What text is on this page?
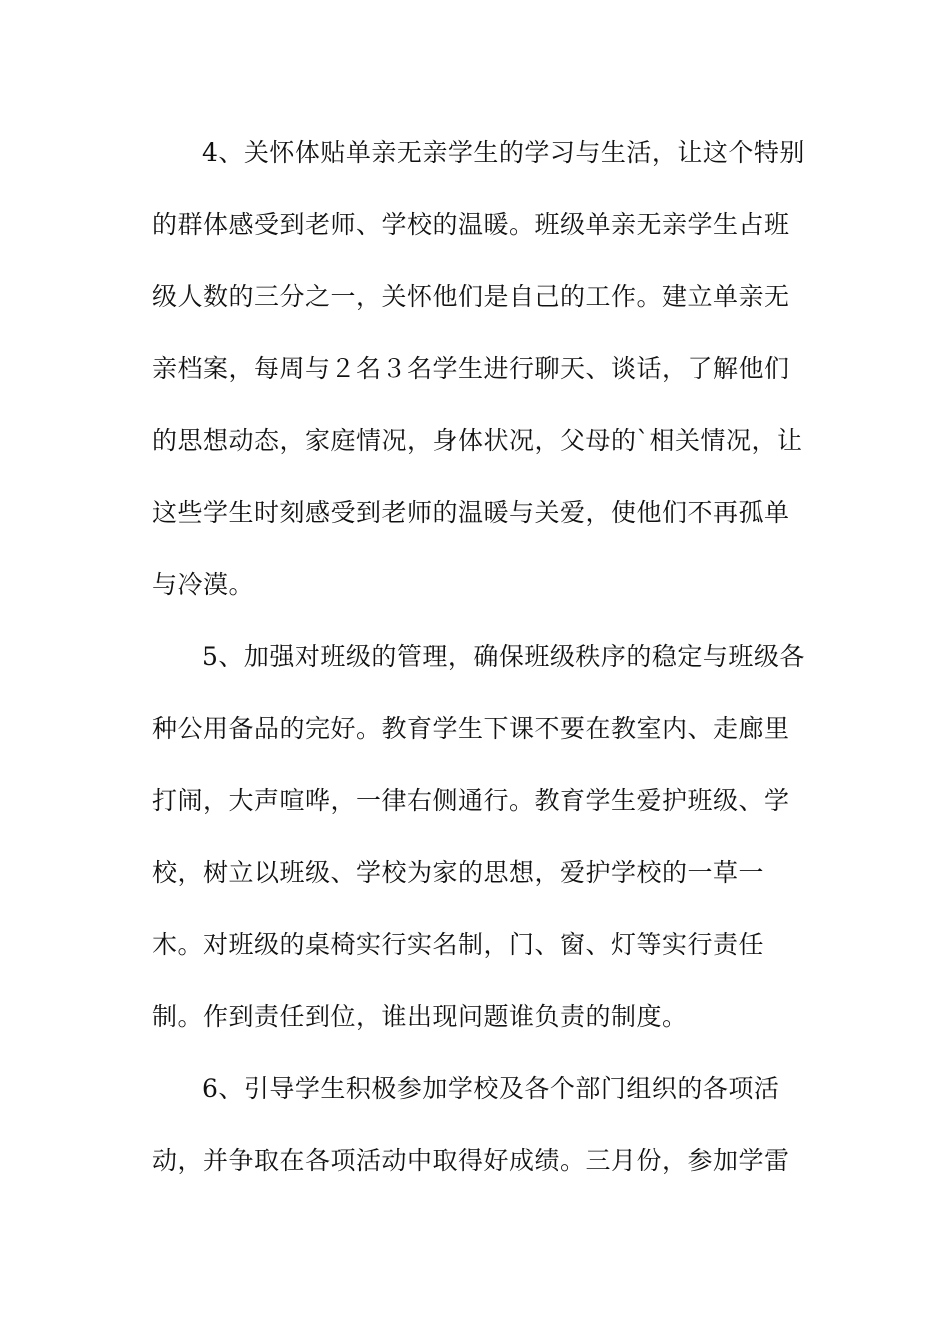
4、关怀体贴单亲无亲学生的学习与生活，让这个特别
的群体感受到老师、学校的温暖。班级单亲无亲学生占班
级人数的三分之一，关怀他们是自己的工作。建立单亲无
亲档案，每周与２名３名学生进行聊天、谈话，了解他们
的思想动态，家庭情况，身体状况，父母的`相关情况，让
这些学生时刻感受到老师的温暖与关爱，使他们不再孤单
与冷漠。
5、加强对班级的管理，确保班级秩序的稳定与班级各
种公用备品的完好。教育学生下课不要在教室内、走廊里
打闹，大声喧哗，一律右侧通行。教育学生爱护班级、学
校，树立以班级、学校为家的思想，爱护学校的一草一
木。对班级的桌椅实行实名制，门、窗、灯等实行责任
制。作到责任到位，谁出现问题谁负责的制度。
6、引导学生积极参加学校及各个部门组织的各项活
动，并争取在各项活动中取得好成绩。三月份，参加学雷
